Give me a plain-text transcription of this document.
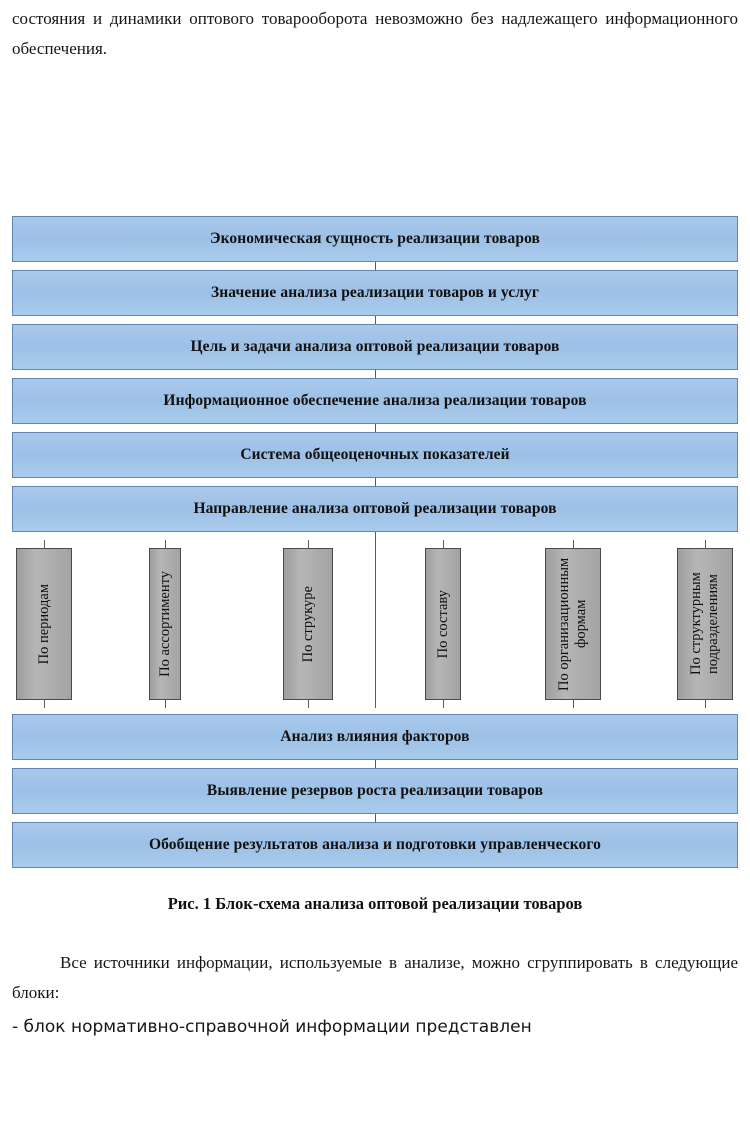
состояния и динамики оптового товарооборота невозможно без надлежащего информационного обеспечения.

Экономическая сущность реализации товаров
Значение анализа реализации товаров и услуг
Цель и задачи анализа оптовой реализации товаров
Информационное обеспечение анализа реализации товаров
Система общеоценочных показателей
Направление анализа оптовой реализации товаров
По периодам	По ассортименту	По струкуре	По составу	По организационным формам	По структурным подразделениям
Анализ влияния факторов
Выявление резервов роста реализации товаров
Обобщение результатов анализа и подготовки управленческого
Рис. 1 Блок-схема анализа оптовой реализации товаров

Все источники информации, используемые в анализе, можно сгруппировать в следующие блоки:

- блок нормативно-справочной информации представлен
